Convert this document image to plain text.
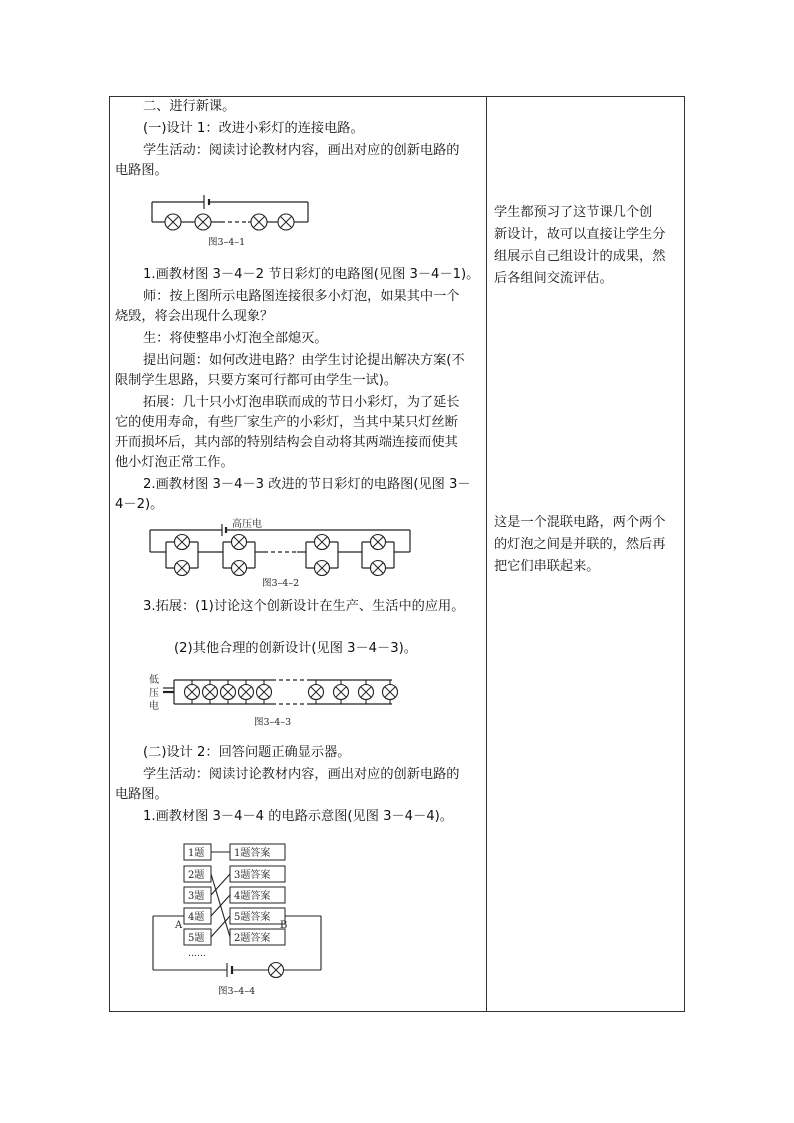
二、进行新课。
(一)设计 1：改进小彩灯的连接电路。
学生活动：阅读讨论教材内容，画出对应的创新电路的
电路图。
图3–4–1
1.画教材图 3－4－2 节日彩灯的电路图(见图 3－4－1)。
师：按上图所示电路图连接很多小灯泡，如果其中一个
烧毁，将会出现什么现象？
生：将使整串小灯泡全部熄灭。
提出问题：如何改进电路？由学生讨论提出解决方案(不
限制学生思路，只要方案可行都可由学生一试)。
拓展：几十只小灯泡串联而成的节日小彩灯，为了延长
它的使用寿命，有些厂家生产的小彩灯，当其中某只灯丝断
开而损坏后，其内部的特别结构会自动将其两端连接而使其
他小灯泡正常工作。
2.画教材图 3－4－3 改进的节日彩灯的电路图(见图 3－
4－2)。
高压电
图3–4–2
3.拓展：(1)讨论这个创新设计在生产、生活中的应用。
(2)其他合理的创新设计(见图 3－4－3)。
低
压
电
图3–4–3
(二)设计 2：回答问题正确显示器。
学生活动：阅读讨论教材内容，画出对应的创新电路的
电路图。
1.画教材图 3－4－4 的电路示意图(见图 3－4－4)。
1题
2题
3题
4题
5题
1题答案
3题答案
4题答案
5题答案
2题答案
A	B
……
图3–4–4
学生都预习了这节课几个创
新设计，故可以直接让学生分
组展示自己组设计的成果，然
后各组间交流评估。
这是一个混联电路，两个两个
的灯泡之间是并联的，然后再
把它们串联起来。
